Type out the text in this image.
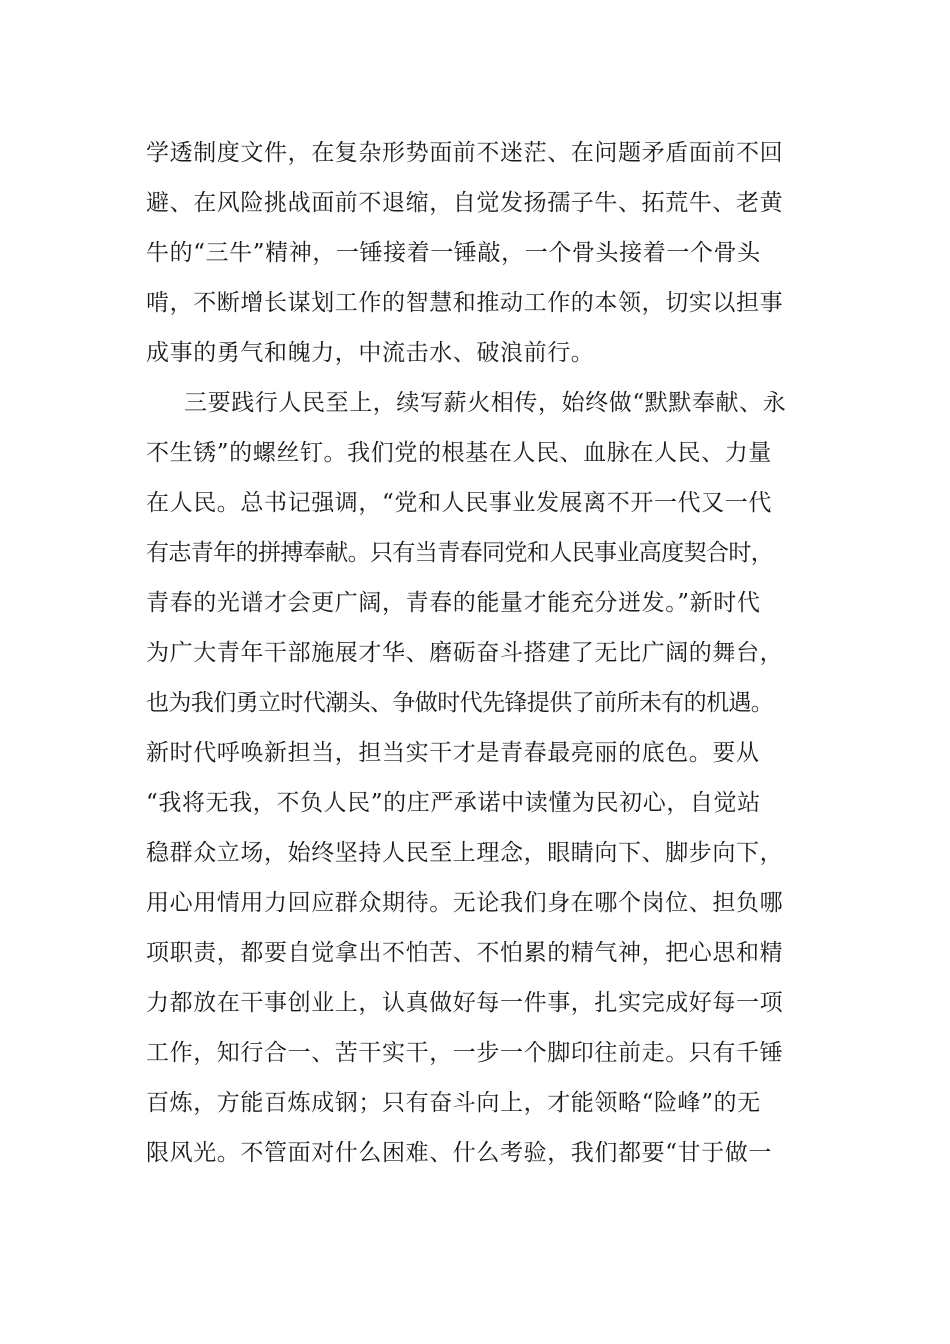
学透制度文件，在复杂形势面前不迷茫、在问题矛盾面前不回
避、在风险挑战面前不退缩，自觉发扬孺子牛、拓荒牛、老黄
牛的“三牛”精神，一锤接着一锤敲，一个骨头接着一个骨头
啃，不断增长谋划工作的智慧和推动工作的本领，切实以担事
成事的勇气和魄力，中流击水、破浪前行。
三要践行人民至上，续写薪火相传，始终做“默默奉献、永
不生锈”的螺丝钉。我们党的根基在人民、血脉在人民、力量
在人民。总书记强调，“党和人民事业发展离不开一代又一代
有志青年的拼搏奉献。只有当青春同党和人民事业高度契合时，
青春的光谱才会更广阔，青春的能量才能充分迸发。”新时代
为广大青年干部施展才华、磨砺奋斗搭建了无比广阔的舞台，
也为我们勇立时代潮头、争做时代先锋提供了前所未有的机遇。
新时代呼唤新担当，担当实干才是青春最亮丽的底色。要从
“我将无我，不负人民”的庄严承诺中读懂为民初心，自觉站
稳群众立场，始终坚持人民至上理念，眼睛向下、脚步向下，
用心用情用力回应群众期待。无论我们身在哪个岗位、担负哪
项职责，都要自觉拿出不怕苦、不怕累的精气神，把心思和精
力都放在干事创业上，认真做好每一件事，扎实完成好每一项
工作，知行合一、苦干实干，一步一个脚印往前走。只有千锤
百炼，方能百炼成钢；只有奋斗向上，才能领略“险峰”的无
限风光。不管面对什么困难、什么考验，我们都要“甘于做一
